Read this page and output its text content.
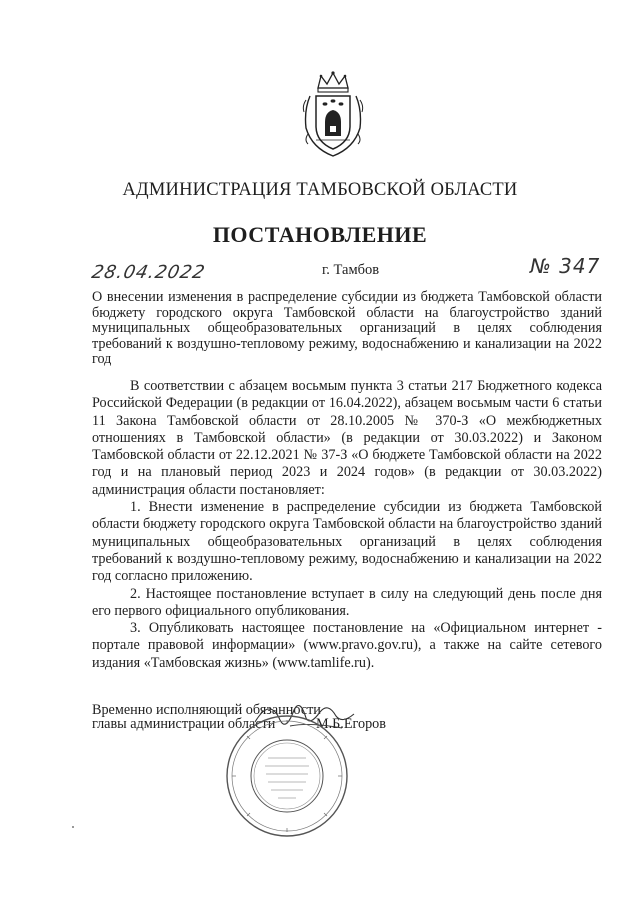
АДМИНИСТРАЦИЯ ТАМБОВСКОЙ ОБЛАСТИ
ПОСТАНОВЛЕНИЕ
28.04.2022	г. Тамбов	№ 347
О внесении изменения в распределение субсидии из бюджета Тамбовской области бюджету городского округа Тамбовской области на благоустройство зданий муниципальных общеобразовательных организаций в целях соблюдения требований к воздушно-тепловому режиму, водоснабжению и канализации на 2022 год

В соответствии с абзацем восьмым пункта 3 статьи 217 Бюджетного кодекса Российской Федерации (в редакции от 16.04.2022), абзацем восьмым части 6 статьи 11 Закона Тамбовской области от 28.10.2005 № 370-З «О межбюджетных отношениях в Тамбовской области» (в редакции от 30.03.2022) и Законом Тамбовской области от 22.12.2021 № 37-З «О бюджете Тамбовской области на 2022 год и на плановый период 2023 и 2024 годов» (в редакции от 30.03.2022) администрация области постановляет:

1. Внести изменение в распределение субсидии из бюджета Тамбовской области бюджету городского округа Тамбовской области на благоустройство зданий муниципальных общеобразовательных организаций в целях соблюдения требований к воздушно-тепловому режиму, водоснабжению и канализации на 2022 год согласно приложению.

2. Настоящее постановление вступает в силу на следующий день после дня его первого официального опубликования.

3. Опубликовать настоящее постановление на «Официальном интернет - портале правовой информации» (www.pravo.gov.ru), а также на сайте сетевого издания «Тамбовская жизнь» (www.tamlife.ru).

Временно исполняющий обязанности
главы администрации области	М.Б.Егоров
